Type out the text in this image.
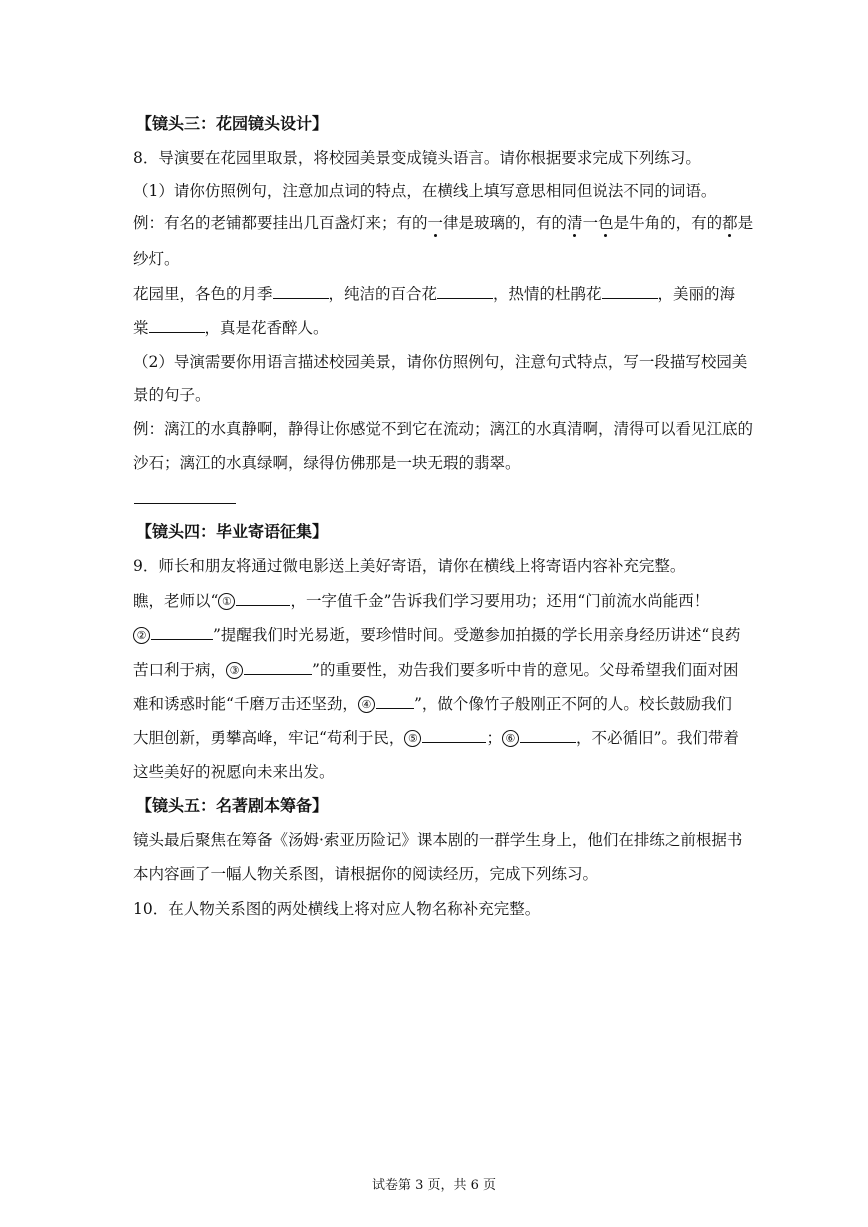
【镜头三：花园镜头设计】
8．导演要在花园里取景，将校园美景变成镜头语言。请你根据要求完成下列练习。
（1）请你仿照例句，注意加点词的特点，在横线上填写意思相同但说法不同的词语。
例：有名的老铺都要挂出几百盏灯来；有的一律是玻璃的，有的清一色是牛角的，有的都是
纱灯。
花园里，各色的月季	，纯洁的百合花	，热情的杜鹃花	，美丽的海
棠	，真是花香醉人。
（2）导演需要你用语言描述校园美景，请你仿照例句，注意句式特点，写一段描写校园美
景的句子。
例：漓江的水真静啊，静得让你感觉不到它在流动；漓江的水真清啊，清得可以看见江底的
沙石；漓江的水真绿啊，绿得仿佛那是一块无瑕的翡翠。
【镜头四：毕业寄语征集】
9．师长和朋友将通过微电影送上美好寄语，请你在横线上将寄语内容补充完整。
瞧，老师以“ ①	，一字值千金”告诉我们学习要用功；还用“门前流水尚能西！
②	”提醒我们时光易逝，要珍惜时间。受邀参加拍摄的学长用亲身经历讲述“良药
苦口利于病， ③	”的重要性，劝告我们要多听中肯的意见。父母希望我们面对困
难和诱惑时能“千磨万击还坚劲， ④	”，做个像竹子般刚正不阿的人。校长鼓励我们
大胆创新，勇攀高峰，牢记“苟利于民， ⑤	； ⑥	，不必循旧”。我们带着
这些美好的祝愿向未来出发。
【镜头五：名著剧本筹备】
镜头最后聚焦在筹备《汤姆·索亚历险记》课本剧的一群学生身上，他们在排练之前根据书
本内容画了一幅人物关系图，请根据你的阅读经历，完成下列练习。
10．在人物关系图的两处横线上将对应人物名称补充完整。
试卷第 3 页，共 6 页
